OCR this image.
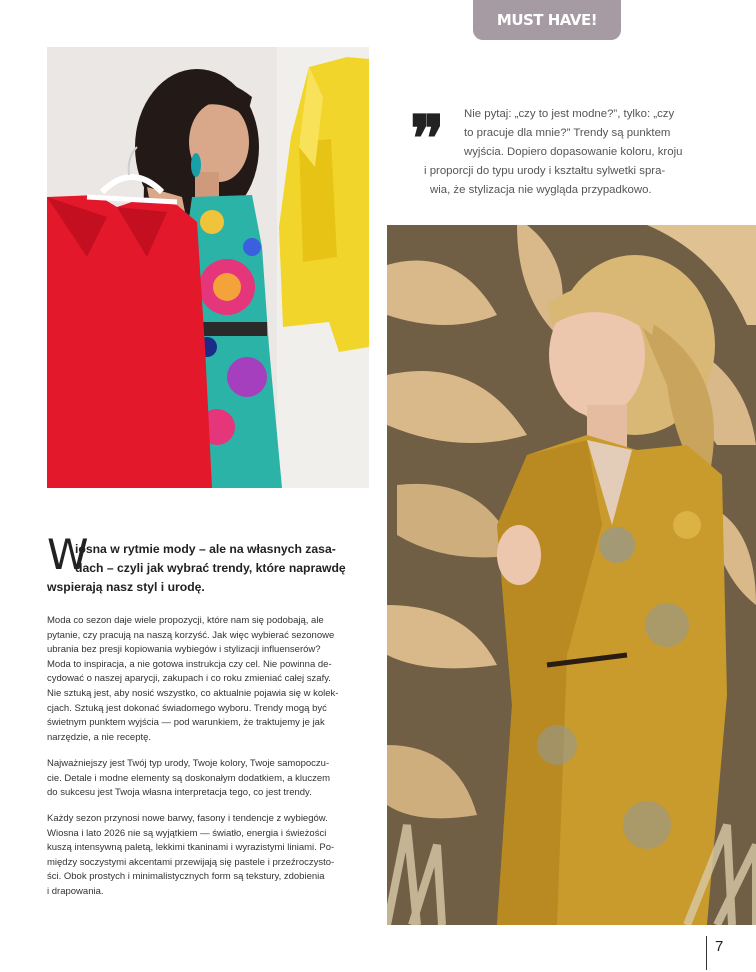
MUST HAVE!
❞	Nie pytaj: „czy to jest modne?”, tylko: „czy
to pracuje dla mnie?” Trendy są punktem
wyjścia. Dopiero dopasowanie koloru, kroju
i proporcji do typu urody i kształtu sylwetki spra-
wia, że stylizacja nie wygląda przypadkowo.
W
iosna w rytmie mody – ale na własnych zasa-
dach – czyli jak wybrać trendy, które naprawdę
wspierają nasz styl i urodę.
Moda co sezon daje wiele propozycji, które nam się podobają, ale
pytanie, czy pracują na naszą korzyść. Jak więc wybierać sezonowe
ubrania bez presji kopiowania wybiegów i stylizacji influenserów?
Moda to inspiracja, a nie gotowa instrukcja czy cel. Nie powinna de-
cydować o naszej aparycji, zakupach i co roku zmieniać całej szafy.
Nie sztuką jest, aby nosić wszystko, co aktualnie pojawia się w kolek-
cjach. Sztuką jest dokonać świadomego wyboru. Trendy mogą być
świetnym punktem wyjścia — pod warunkiem, że traktujemy je jak
narzędzie, a nie receptę.
Najważniejszy jest Twój typ urody, Twoje kolory, Twoje samopoczu-
cie. Detale i modne elementy są doskonałym dodatkiem, a kluczem
do sukcesu jest Twoja własna interpretacja tego, co jest trendy.
Każdy sezon przynosi nowe barwy, fasony i tendencje z wybiegów.
Wiosna i lato 2026 nie są wyjątkiem — światło, energia i świeżości
kuszą intensywną paletą, lekkimi tkaninami i wyrazistymi liniami. Po-
między soczystymi akcentami przewijają się pastele i przeźroczysto-
ści. Obok prostych i minimalistycznych form są tekstury, zdobienia
i drapowania.
7
